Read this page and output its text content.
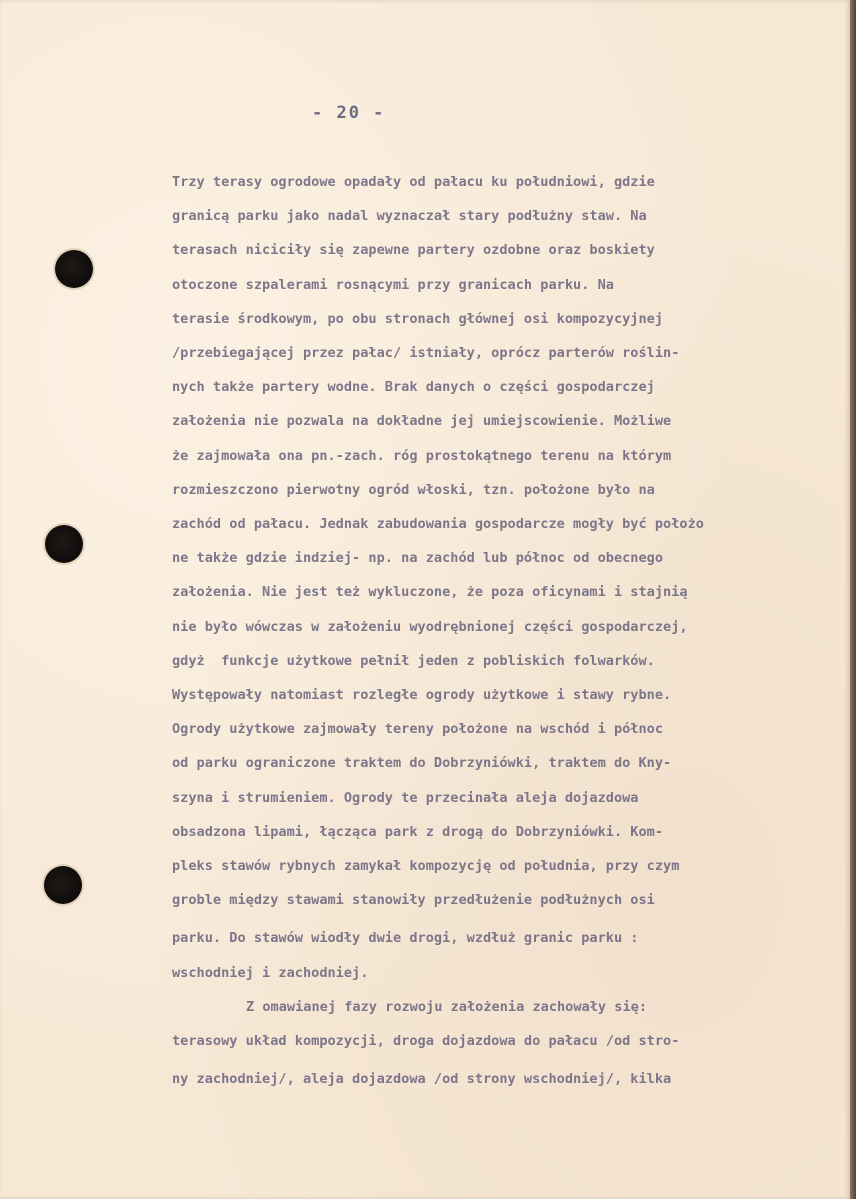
- 20 -
Trzy terasy ogrodowe opadały od pałacu ku południowi, gdzie
granicą parku jako nadal wyznaczał stary podłużny staw. Na
terasach niciciły się zapewne partery ozdobne oraz boskiety
otoczone szpalerami rosnącymi przy granicach parku. Na
terasie środkowym, po obu stronach głównej osi kompozycyjnej
/przebiegającej przez pałac/ istniały, oprócz parterów roślin-
nych także partery wodne. Brak danych o części gospodarczej
założenia nie pozwala na dokładne jej umiejscowienie. Możliwe
że zajmowała ona pn.-zach. róg prostokątnego terenu na którym
rozmieszczono pierwotny ogród włoski, tzn. położone było na
zachód od pałacu. Jednak zabudowania gospodarcze mogły być położo
ne także gdzie indziej- np. na zachód lub północ od obecnego
założenia. Nie jest też wykluczone, że poza oficynami i stajnią
nie było wówczas w założeniu wyodrębnionej części gospodarczej,
gdyż  funkcje użytkowe pełnił jeden z pobliskich folwarków.
Występowały natomiast rozległe ogrody użytkowe i stawy rybne.
Ogrody użytkowe zajmowały tereny położone na wschód i północ
od parku ograniczone traktem do Dobrzyniówki, traktem do Kny-
szyna i strumieniem. Ogrody te przecinała aleja dojazdowa
obsadzona lipami, łącząca park z drogą do Dobrzyniówki. Kom-
pleks stawów rybnych zamykał kompozycję od południa, przy czym
groble między stawami stanowiły przedłużenie podłużnych osi
parku. Do stawów wiodły dwie drogi, wzdłuż granic parku :
wschodniej i zachodniej.
Z omawianej fazy rozwoju założenia zachowały się:
terasowy układ kompozycji, droga dojazdowa do pałacu /od stro-
ny zachodniej/, aleja dojazdowa /od strony wschodniej/, kilka
